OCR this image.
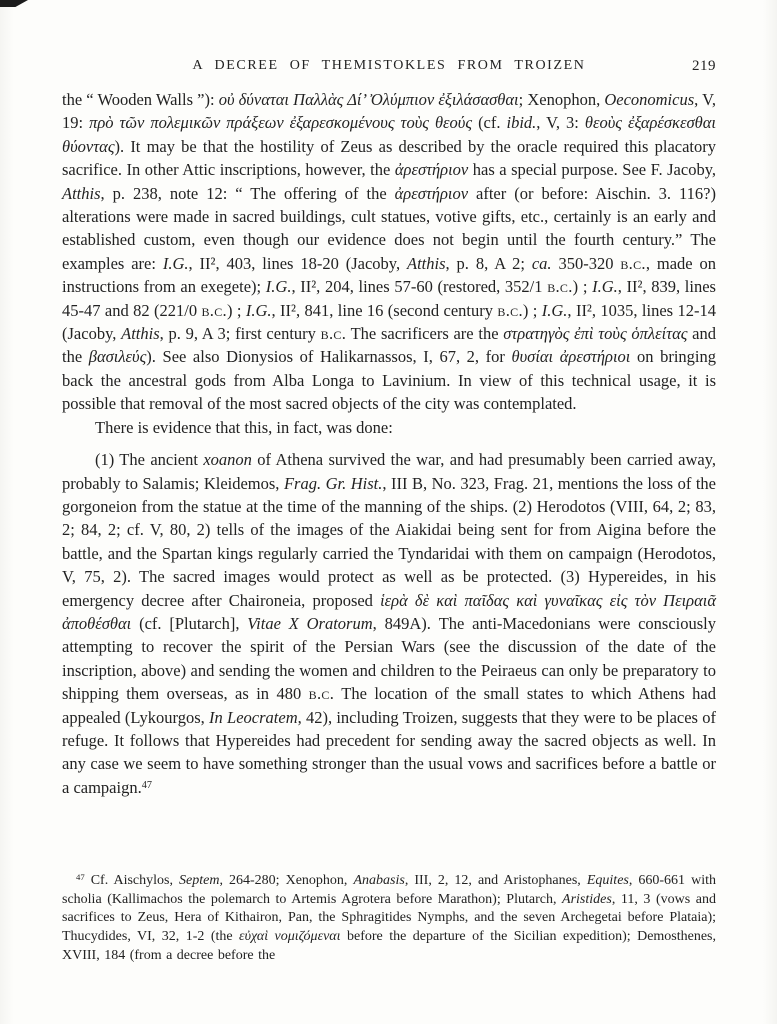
A DECREE OF THEMISTOKLES FROM TROIZEN	219

the “ Wooden Walls ”): οὐ δύναται Παλλὰς Δί’ Ὀλύμπιον ἐξιλάσασθαι; Xenophon, Oeconomicus, V, 19: πρὸ τῶν πολεμικῶν πράξεων ἐξαρεσκομένους τοὺς θεούς (cf. ibid., V, 3: θεοὺς ἐξαρέσκεσθαι θύοντας). It may be that the hostility of Zeus as described by the oracle required this placatory sacrifice. In other Attic inscriptions, however, the ἀρεστήριον has a special purpose. See F. Jacoby, Atthis, p. 238, note 12: “ The offering of the ἀρεστήριον after (or before: Aischin. 3. 116?) alterations were made in sacred buildings, cult statues, votive gifts, etc., certainly is an early and established custom, even though our evidence does not begin until the fourth century.” The examples are: I.G., II², 403, lines 18-20 (Jacoby, Atthis, p. 8, A 2; ca. 350-320 b.c., made on instructions from an exegete); I.G., II², 204, lines 57-60 (restored, 352/1 b.c.) ; I.G., II², 839, lines 45-47 and 82 (221/0 b.c.) ; I.G., II², 841, line 16 (second century b.c.) ; I.G., II², 1035, lines 12-14 (Jacoby, Atthis, p. 9, A 3; first century b.c. The sacrificers are the στρατηγὸς ἐπὶ τοὺς ὁπλείτας and the βασιλεύς). See also Dionysios of Halikarnassos, I, 67, 2, for θυσίαι ἀρεστήριοι on bringing back the ancestral gods from Alba Longa to Lavinium. In view of this technical usage, it is possible that removal of the most sacred objects of the city was contemplated.

There is evidence that this, in fact, was done:

(1) The ancient xoanon of Athena survived the war, and had presumably been carried away, probably to Salamis; Kleidemos, Frag. Gr. Hist., III B, No. 323, Frag. 21, mentions the loss of the gorgoneion from the statue at the time of the manning of the ships. (2) Herodotos (VIII, 64, 2; 83, 2; 84, 2; cf. V, 80, 2) tells of the images of the Aiakidai being sent for from Aigina before the battle, and the Spartan kings regularly carried the Tyndaridai with them on campaign (Herodotos, V, 75, 2). The sacred images would protect as well as be protected. (3) Hypereides, in his emergency decree after Chaironeia, proposed ἱερὰ δὲ καὶ παῖδας καὶ γυναῖκας εἰς τὸν Πειραιᾶ ἀποθέσθαι (cf. [Plutarch], Vitae X Oratorum, 849A). The anti-Macedonians were consciously attempting to recover the spirit of the Persian Wars (see the discussion of the date of the inscription, above) and sending the women and children to the Peiraeus can only be preparatory to shipping them overseas, as in 480 b.c. The location of the small states to which Athens had appealed (Lykourgos, In Leocratem, 42), including Troizen, suggests that they were to be places of refuge. It follows that Hypereides had precedent for sending away the sacred objects as well. In any case we seem to have something stronger than the usual vows and sacrifices before a battle or a campaign.$^{47}$

$^{47}$ Cf. Aischylos, Septem, 264-280; Xenophon, Anabasis, III, 2, 12, and Aristophanes, Equites, 660-661 with scholia (Kallimachos the polemarch to Artemis Agrotera before Marathon); Plutarch, Aristides, 11, 3 (vows and sacrifices to Zeus, Hera of Kithairon, Pan, the Sphragitides Nymphs, and the seven Archegetai before Plataia); Thucydides, VI, 32, 1-2 (the εὐχαὶ νομιζόμεναι before the departure of the Sicilian expedition); Demosthenes, XVIII, 184 (from a decree before the
